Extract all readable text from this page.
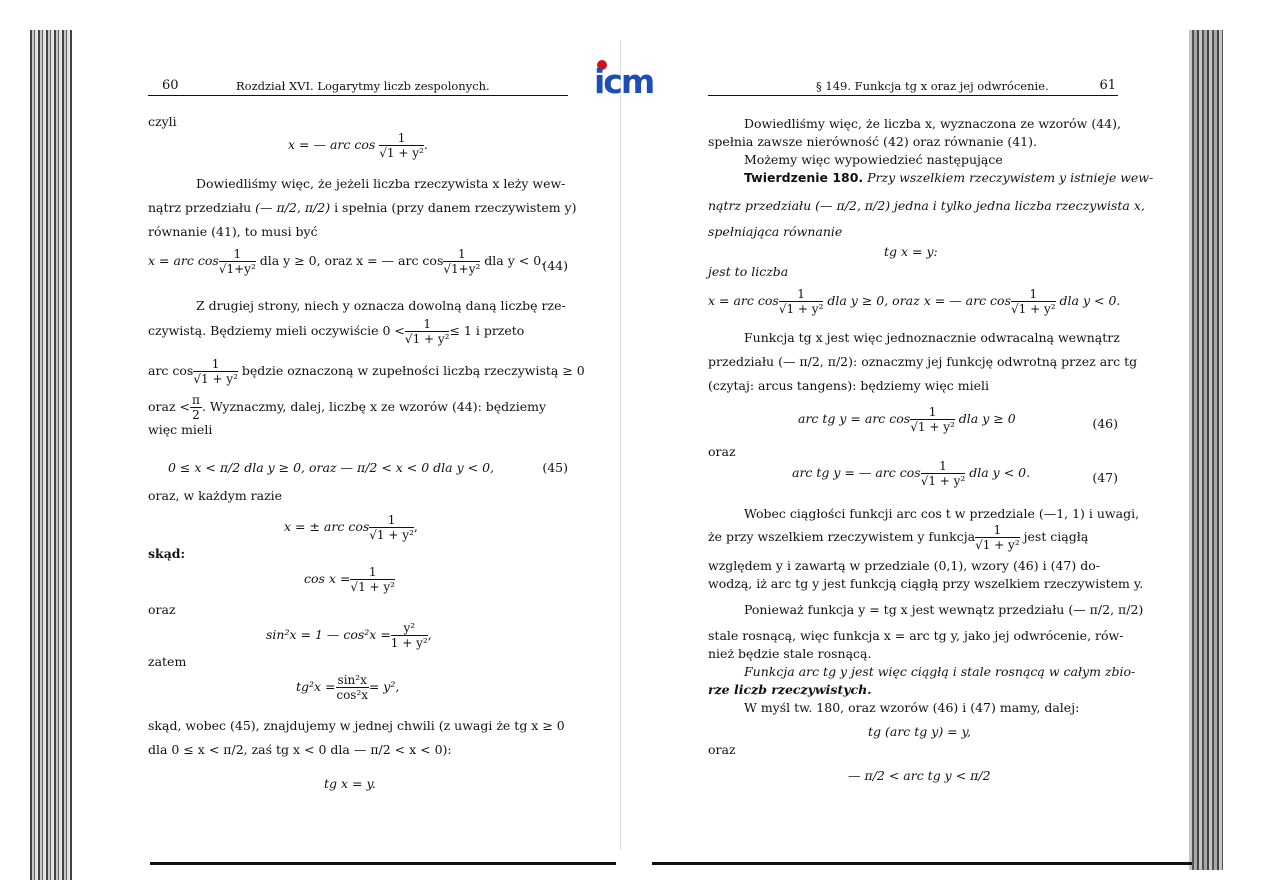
icm
60	Rozdział XVI. Logarytmy liczb zespolonych.
czyli
x = — arc $\cos \frac{1}{\text{√1 + y²}}$ .
Dowiedliśmy więc, że jeżeli liczba rzeczywista x leży wew-
nątrz przedziału (— π/2, π/2) i spełnia (przy danem rzeczywistem y)
równanie (41), to musi być
x = arc $\cos \frac{1}{\text{√1+y²}}$ dla y ≥ 0, oraz x = — arc $\cos \frac{1}{\text{√1+y²}}$ dla y < 0.
(44)
Z drugiej strony, niech y oznacza dowolną daną liczbę rze-
czywistą. Będziemy mieli oczywiście $0 < \frac{1}{\text{√1 + y²}} \le 1$ i przeto
arc $\cos \frac{1}{\text{√1 + y²}}$ będzie oznaczoną w zupełności liczbą rzeczywistą ≥ 0
oraz < $\frac{\pi}{2}$ . Wyznaczmy, dalej, liczbę x ze wzorów (44): będziemy
więc mieli
0 ≤ x < π/2 dla y ≥ 0, oraz — π/2 < x < 0 dla y < 0,	(45)
oraz, w każdym razie
x = ± arc $\cos \frac{1}{\text{√1 + y²}}$ ,
skąd:
$\cos x = \frac{1}{\text{√1 + y²}}$
oraz
sin²x = 1 — $\cos^2x = \frac{\text{y²}}{\text{1 + y²}}$ ,
zatem
$tg^2x = \frac{\text{sin²x}}{\text{cos²x}} = y^2$,
skąd, wobec (45), znajdujemy w jednej chwili (z uwagi że tg x ≥ 0
dla 0 ≤ x < π/2, zaś tg x < 0 dla — π/2 < x < 0):
tg x = y.
§ 149. Funkcja tg x oraz jej odwrócenie.	61
Dowiedliśmy więc, że liczba x, wyznaczona ze wzorów (44),
spełnia zawsze nierówność (42) oraz równanie (41).
Możemy więc wypowiedzieć następujące
Twierdzenie 180. Przy wszelkiem rzeczywistem y istnieje wew-
nątrz przedziału (— π/2, π/2) jedna i tylko jedna liczba rzeczywista x,
spełniająca równanie
tg x = y:
jest to liczba
x = arc $\cos \frac{1}{\text{√1 + y²}}$ dla y ≥ 0, oraz x = — arc $\cos \frac{1}{\text{√1 + y²}}$ dla y < 0.
Funkcja tg x jest więc jednoznacznie odwracalną wewnątrz
przedziału (— π/2, π/2): oznaczmy jej funkcję odwrotną przez arc tg
(czytaj: arcus tangens): będziemy więc mieli
arc tg y = arc $\cos \frac{1}{\text{√1 + y²}}$ dla y ≥ 0	(46)
oraz
arc tg y = — arc $\cos \frac{1}{\text{√1 + y²}}$ dla y < 0.	(47)
Wobec ciągłości funkcji arc cos t w przedziale (—1, 1) i uwagi,
że przy wszelkiem rzeczywistem y funkcja $\frac{1}{\text{√1 + y²}}$ jest ciągłą
względem y i zawartą w przedziale (0,1), wzory (46) i (47) do-
wodzą, iż arc tg y jest funkcją ciągłą przy wszelkiem rzeczywistem y.
Ponieważ funkcja y = tg x jest wewnątz przedziału (— π/2, π/2)
stale rosnącą, więc funkcja x = arc tg y, jako jej odwrócenie, rów-
nież będzie stale rosnącą.
Funkcja arc tg y jest więc ciągłą i stale rosnącą w całym zbio-
rze liczb rzeczywistych.
W myśl tw. 180, oraz wzorów (46) i (47) mamy, dalej:
tg (arc tg y) = y,
oraz
— π/2 < arc tg y < π/2
